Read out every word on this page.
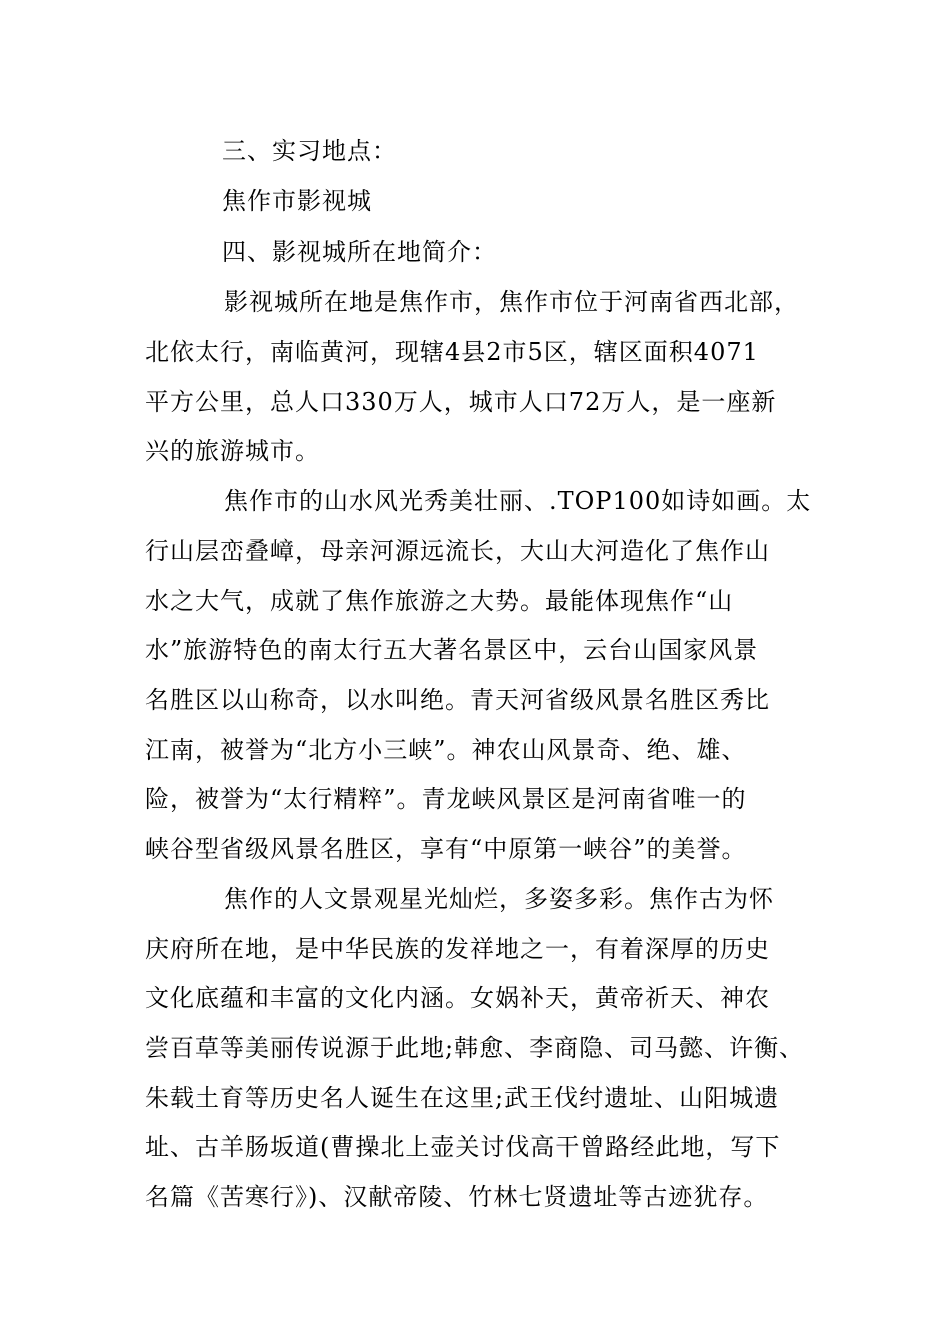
三、实习地点：
焦作市影视城
四、影视城所在地简介：
影视城所在地是焦作市，焦作市位于河南省西北部，
北依太行，南临黄河，现辖4县2市5区，辖区面积4071
平方公里，总人口330万人，城市人口72万人，是一座新
兴的旅游城市。
焦作市的山水风光秀美壮丽、.TOP100如诗如画。太
行山层峦叠嶂，母亲河源远流长，大山大河造化了焦作山
水之大气，成就了焦作旅游之大势。最能体现焦作“山
水”旅游特色的南太行五大著名景区中，云台山国家风景
名胜区以山称奇，以水叫绝。青天河省级风景名胜区秀比
江南，被誉为“北方小三峡”。神农山风景奇、绝、雄、
险，被誉为“太行精粹”。青龙峡风景区是河南省唯一的
峡谷型省级风景名胜区，享有“中原第一峡谷”的美誉。
焦作的人文景观星光灿烂，多姿多彩。焦作古为怀
庆府所在地，是中华民族的发祥地之一，有着深厚的历史
文化底蕴和丰富的文化内涵。女娲补天，黄帝祈天、神农
尝百草等美丽传说源于此地;韩愈、李商隐、司马懿、许衡、
朱载土育等历史名人诞生在这里;武王伐纣遗址、山阳城遗
址、古羊肠坂道(曹操北上壶关讨伐高干曾路经此地，写下
名篇《苦寒行》)、汉献帝陵、竹林七贤遗址等古迹犹存。
